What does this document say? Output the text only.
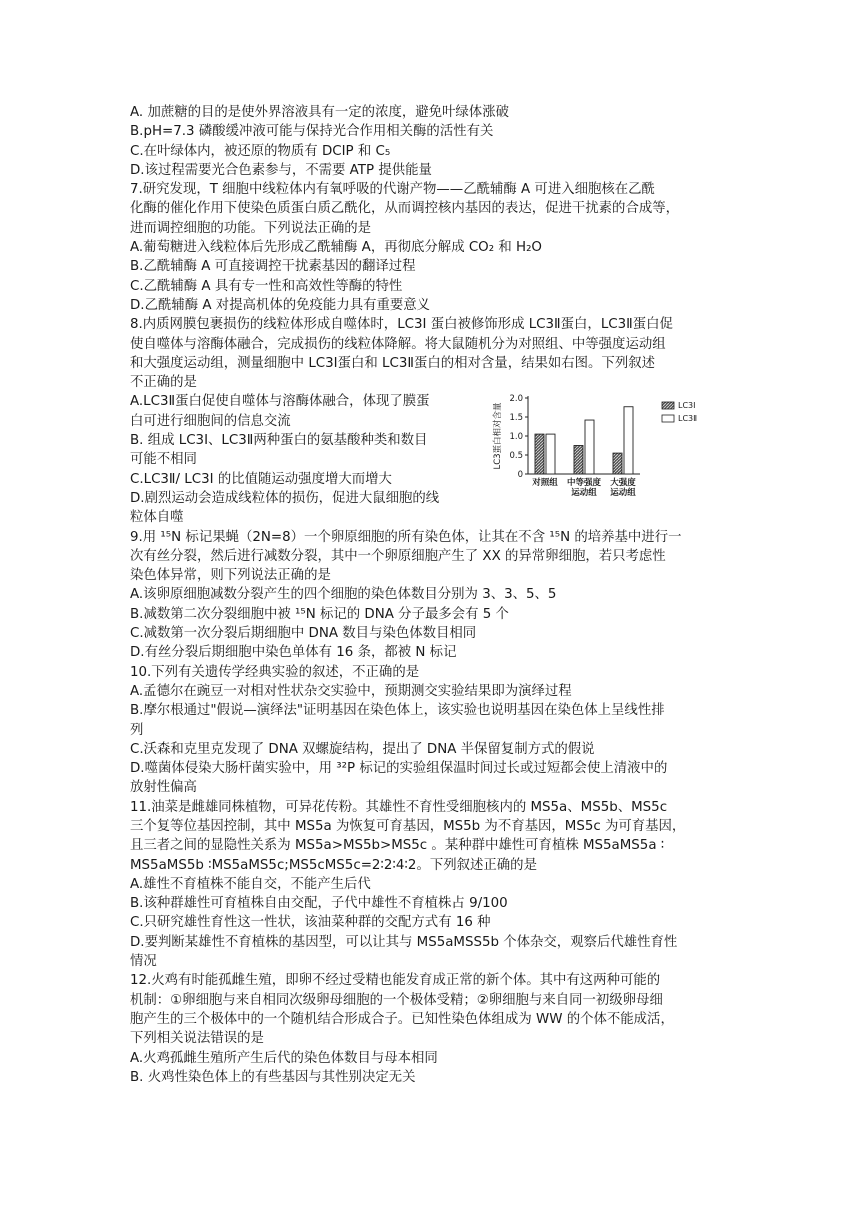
A. 加蔗糖的目的是使外界溶液具有一定的浓度，避免叶绿体涨破
B.pH=7.3 磷酸缓冲液可能与保持光合作用相关酶的活性有关
C.在叶绿体内，被还原的物质有 DCIP 和 C₅
D.该过程需要光合色素参与，不需要 ATP 提供能量
7.研究发现，T 细胞中线粒体内有氧呼吸的代谢产物——乙酰辅酶 A 可进入细胞核在乙酰
化酶的催化作用下使染色质蛋白质乙酰化，从而调控核内基因的表达，促进干扰素的合成等，
进而调控细胞的功能。下列说法正确的是
A.葡萄糖进入线粒体后先形成乙酰辅酶 A，再彻底分解成 CO₂ 和 H₂O
B.乙酰辅酶 A 可直接调控干扰素基因的翻译过程
C.乙酰辅酶 A 具有专一性和高效性等酶的特性
D.乙酰辅酶 A 对提高机体的免疫能力具有重要意义
8.内质网膜包裹损伤的线粒体形成自噬体时，LC3Ⅰ 蛋白被修饰形成 LC3Ⅱ蛋白，LC3Ⅱ蛋白促
使自噬体与溶酶体融合，完成损伤的线粒体降解。将大鼠随机分为对照组、中等强度运动组
和大强度运动组，测量细胞中 LC3Ⅰ蛋白和 LC3Ⅱ蛋白的相对含量，结果如右图。下列叙述
不正确的是
A.LC3Ⅱ蛋白促使自噬体与溶酶体融合，体现了膜蛋
白可进行细胞间的信息交流
B. 组成 LC3Ⅰ、LC3Ⅱ两种蛋白的氨基酸种类和数目
可能不相同
C.LC3Ⅱ/ LC3Ⅰ 的比值随运动强度增大而增大
D.剧烈运动会造成线粒体的损伤，促进大鼠细胞的线
粒体自噬
0
0.5
1.0
1.5
2.0
LC3蛋白相对含量
对照组 中等强度
运动组
大强度
运动组
LC3Ⅰ
LC3Ⅱ
9.用 ¹⁵N 标记果蝇（2N=8）一个卵原细胞的所有染色体，让其在不含 ¹⁵N 的培养基中进行一
次有丝分裂，然后进行减数分裂，其中一个卵原细胞产生了 XX 的异常卵细胞，若只考虑性
染色体异常，则下列说法正确的是
A.该卵原细胞减数分裂产生的四个细胞的染色体数目分别为 3、3、5、5
B.减数第二次分裂细胞中被 ¹⁵N 标记的 DNA 分子最多会有 5 个
C.减数第一次分裂后期细胞中 DNA 数目与染色体数目相同
D.有丝分裂后期细胞中染色单体有 16 条，都被 N 标记
10.下列有关遗传学经典实验的叙述，不正确的是
A.孟德尔在豌豆一对相对性状杂交实验中，预期测交实验结果即为演绎过程
B.摩尔根通过"假说—演绎法"证明基因在染色体上，该实验也说明基因在染色体上呈线性排
列
C.沃森和克里克发现了 DNA 双螺旋结构，提出了 DNA 半保留复制方式的假说
D.噬菌体侵染大肠杆菌实验中，用 ³²P 标记的实验组保温时间过长或过短都会使上清液中的
放射性偏高
11.油菜是雌雄同株植物，可异花传粉。其雄性不育性受细胞核内的 MS5a、MS5b、MS5c
三个复等位基因控制，其中 MS5a 为恢复可育基因，MS5b 为不育基因，MS5c 为可育基因，
且三者之间的显隐性关系为 MS5a>MS5b>MS5c 。某种群中雄性可育植株 MS5aMS5a ∶
MS5aMS5b ∶MS5aMS5c;MS5cMS5c=2∶2∶4∶2。下列叙述正确的是
A.雄性不育植株不能自交，不能产生后代
B.该种群雄性可育植株自由交配，子代中雄性不育植株占 9/100
C.只研究雄性育性这一性状，该油菜种群的交配方式有 16 种
D.要判断某雄性不育植株的基因型，可以让其与 MS5aMSS5b 个体杂交，观察后代雄性育性
情况
12.火鸡有时能孤雌生殖，即卵不经过受精也能发育成正常的新个体。其中有这两种可能的
机制：①卵细胞与来自相同次级卵母细胞的一个极体受精；②卵细胞与来自同一初级卵母细
胞产生的三个极体中的一个随机结合形成合子。已知性染色体组成为 WW 的个体不能成活，
下列相关说法错误的是
A.火鸡孤雌生殖所产生后代的染色体数目与母本相同
B. 火鸡性染色体上的有些基因与其性别决定无关
